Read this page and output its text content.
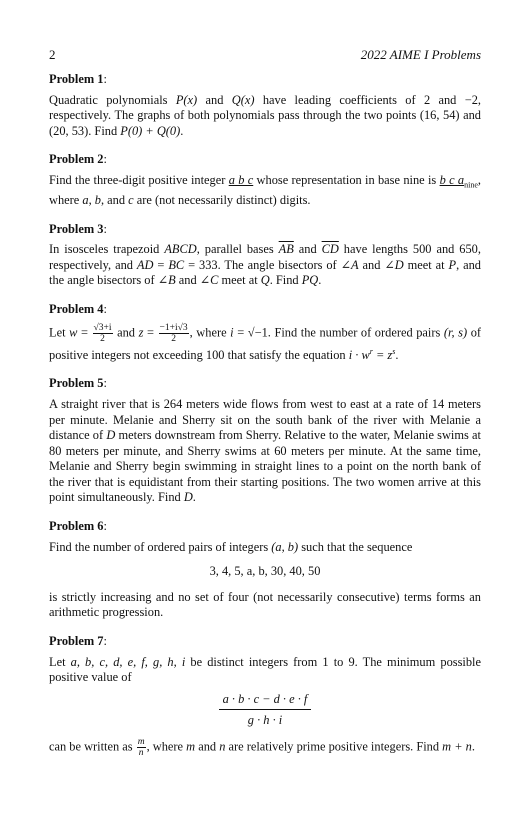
2	2022 AIME I Problems
Problem 1:

Quadratic polynomials P(x) and Q(x) have leading coefficients of 2 and −2, respectively. The graphs of both polynomials pass through the two points (16, 54) and (20, 53). Find P(0) + Q(0).

Problem 2:

Find the three-digit positive integer a b c whose representation in base nine is b c $a_{nine}$, where a, b, and c are (not necessarily distinct) digits.

Problem 3:

In isosceles trapezoid ABCD, parallel bases $\overline{AB}$ and $\overline{CD}$ have lengths 500 and 650, respectively, and AD = BC = 333. The angle bisectors of ∠A and ∠D meet at P, and the angle bisectors of ∠B and ∠C meet at Q. Find PQ.

Problem 4:

Let $w = \frac{√3+i}{2}$ and $z = \frac{-1+i√3}{2}$ , where i = √−1. Find the number of ordered pairs (r, s) of positive integers not exceeding 100 that satisfy the equation $i \cdot w^r = z^s$.

Problem 5:

A straight river that is 264 meters wide flows from west to east at a rate of 14 meters per minute. Melanie and Sherry sit on the south bank of the river with Melanie a distance of D meters downstream from Sherry. Relative to the water, Melanie swims at 80 meters per minute, and Sherry swims at 60 meters per minute. At the same time, Melanie and Sherry begin swimming in straight lines to a point on the north bank of the river that is equidistant from their starting positions. The two women arrive at this point simultaneously. Find D.

Problem 6:

Find the number of ordered pairs of integers (a, b) such that the sequence

3, 4, 5, a, b, 30, 40, 50

is strictly increasing and no set of four (not necessarily consecutive) terms forms an arithmetic progression.

Problem 7:

Let a, b, c, d, e, f, g, h, i be distinct integers from 1 to 9. The minimum possible positive value of

a · b · c − d · e · f
g · h · i

can be written as $\frac{m}{n}$ , where m and n are relatively prime positive integers. Find m + n.
